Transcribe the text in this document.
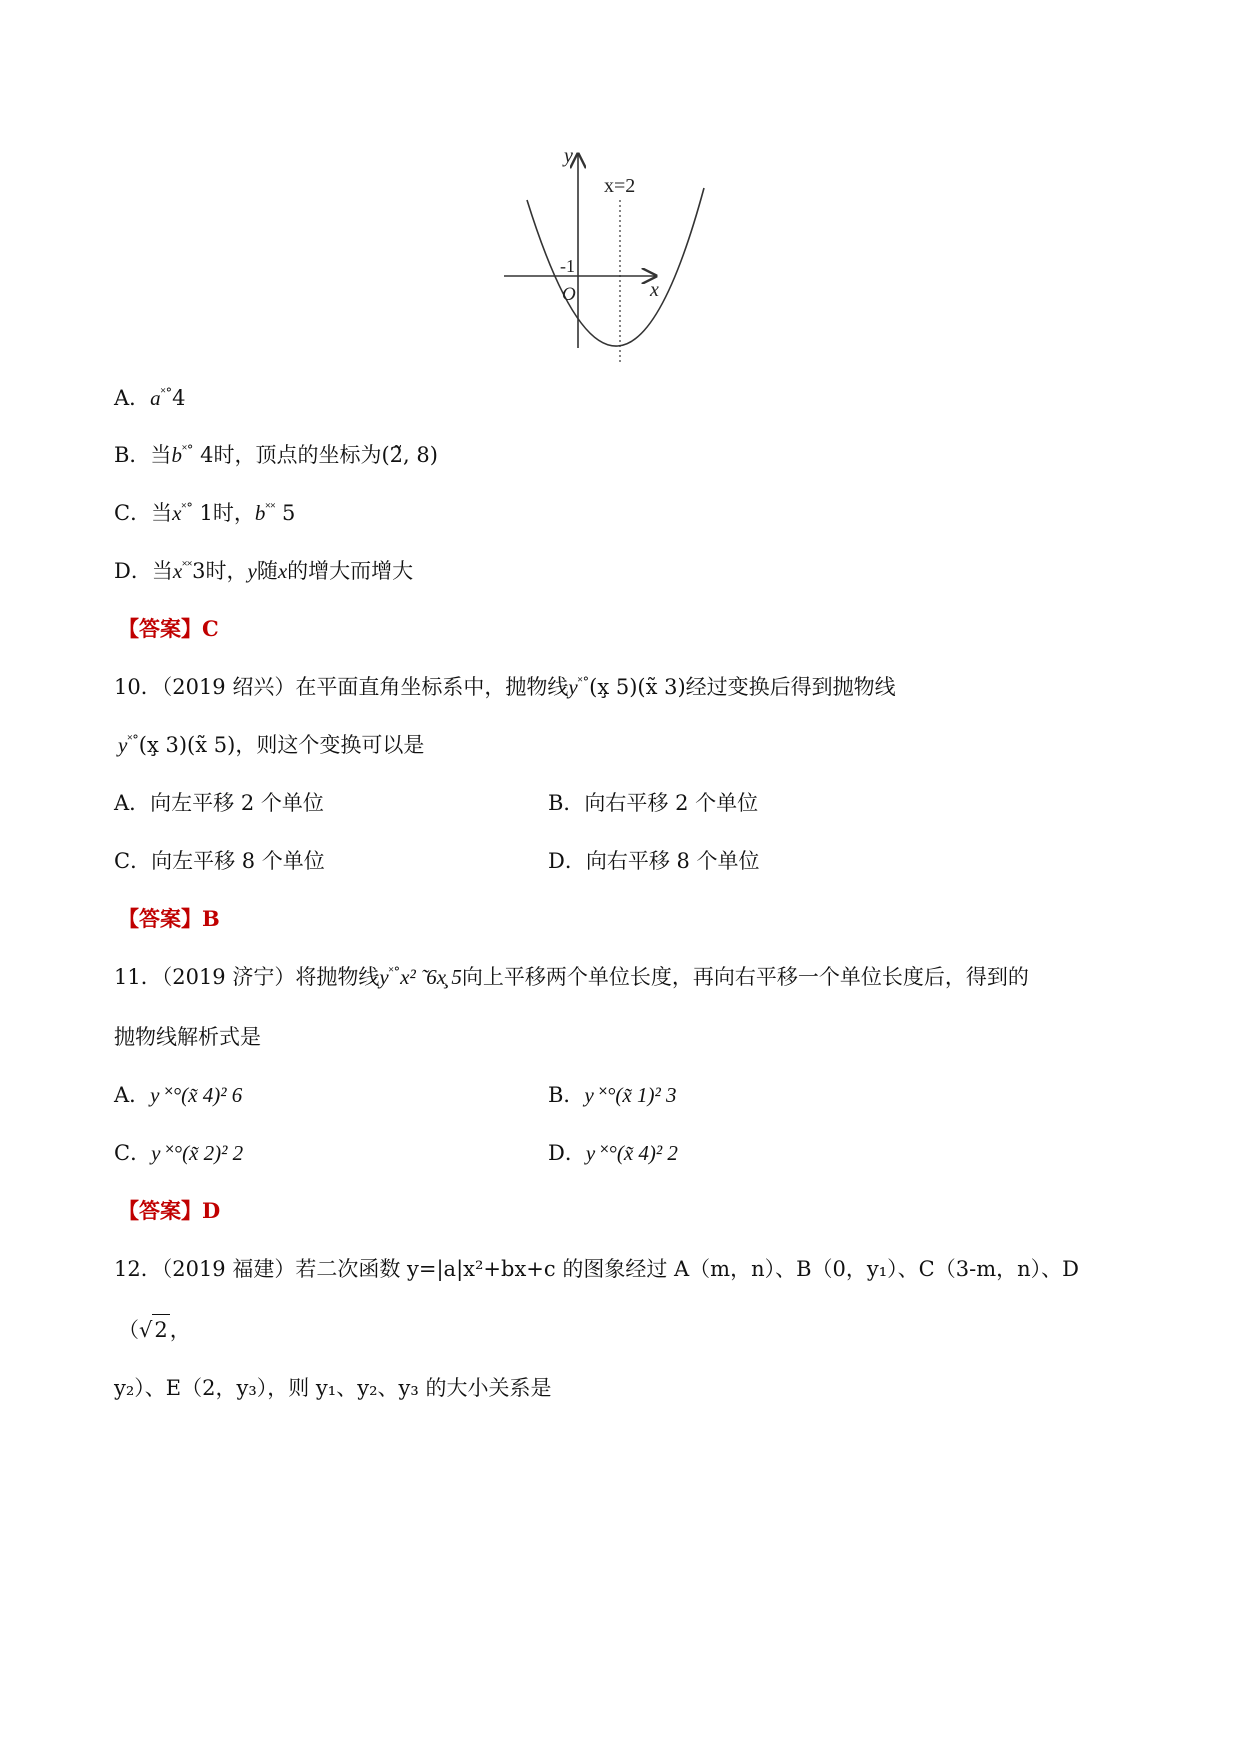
y
x
x=2
-1
O
A．a˟°4
B．当b˟° 4时，顶点的坐标为(2̃, 8)
C．当x˟° 1时，b˟˟ 5
D．当x˟˟3时，y随x的增大而增大
【答案】C
10．（2019 绍兴）在平面直角坐标系中，抛物线y˟°(x̧ 5)(x̃ 3)经过变换后得到抛物线
y˟°(x̧ 3)(x̃ 5)，则这个变换可以是
A．向左平移 2 个单位	B．向右平移 2 个单位
C．向左平移 8 个单位	D．向右平移 8 个单位
【答案】B
11．（2019 济宁）将抛物线y˟°x² ̃ 6x̧ 5向上平移两个单位长度，再向右平移一个单位长度后，得到的
抛物线解析式是
A．y ˟°(x̃ 4)² 6	B．y ˟°(x̃ 1)² 3
C．y ˟°(x̃ 2)² 2	D．y ˟°(x̃ 4)² 2
【答案】D
12．（2019 福建）若二次函数 y=|a|x²+bx+c 的图象经过 A（m，n）、B（0，y₁）、C（3-m，n）、D
（√2，
y₂）、E（2，y₃），则 y₁、y₂、y₃ 的大小关系是
